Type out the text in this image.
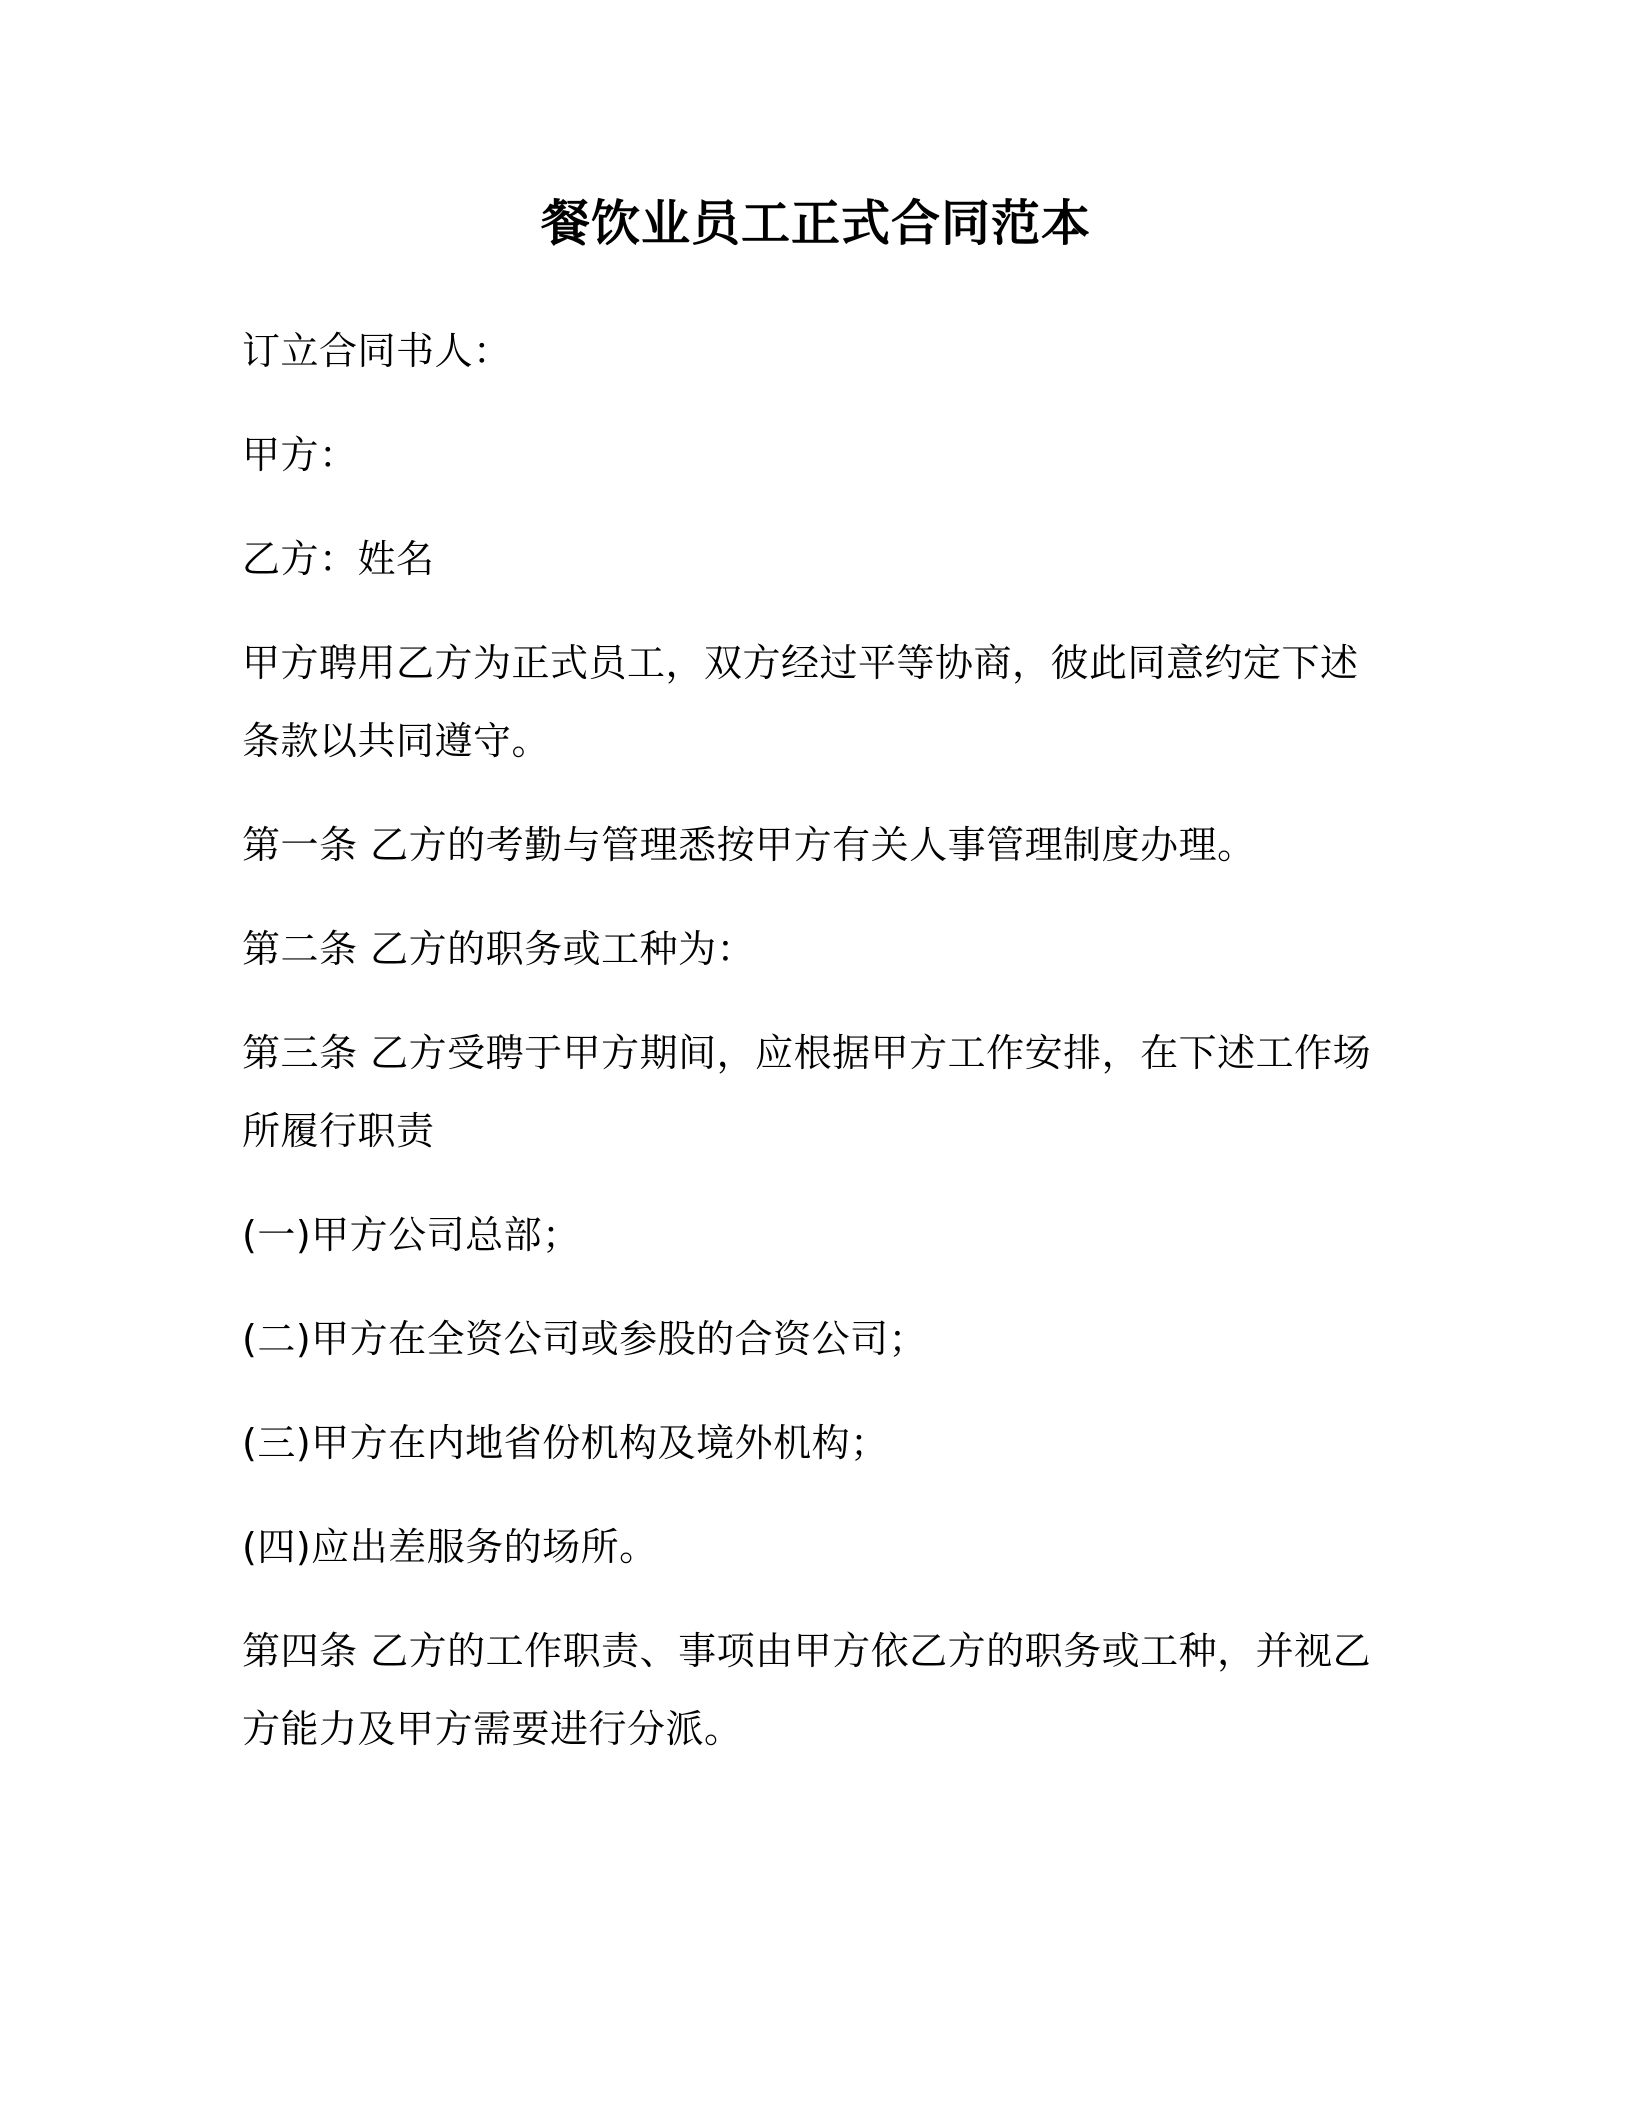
餐饮业员工正式合同范本

订立合同书人：

甲方：

乙方：姓名

甲方聘用乙方为正式员工，双方经过平等协商，彼此同意约定下述条款以共同遵守。

第一条 乙方的考勤与管理悉按甲方有关人事管理制度办理。

第二条 乙方的职务或工种为：

第三条 乙方受聘于甲方期间，应根据甲方工作安排，在下述工作场所履行职责

(一)甲方公司总部；

(二)甲方在全资公司或参股的合资公司；

(三)甲方在内地省份机构及境外机构；

(四)应出差服务的场所。

第四条 乙方的工作职责、事项由甲方依乙方的职务或工种，并视乙方能力及甲方需要进行分派。
